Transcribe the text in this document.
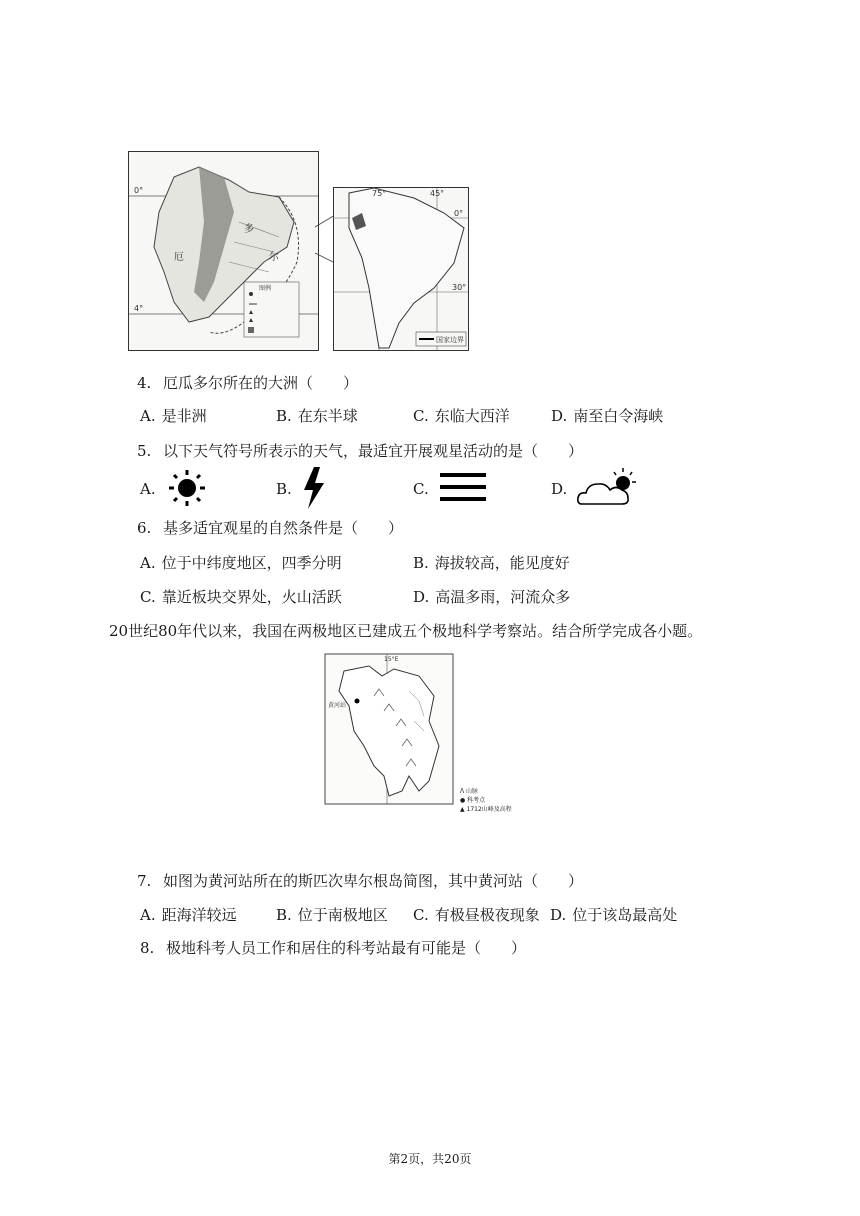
0°
4°
厄
多
尔
图例
75°	45°
0°
30°
国家边界
4. 厄瓜多尔所在的大洲（　　）
A. 是非洲	B. 在东半球	C. 东临大西洋	D. 南至白令海峡
5. 以下天气符号所表示的天气，最适宜开展观星活动的是（　　）
A.	B.	C.	D.
6. 基多适宜观星的自然条件是（　　）
A. 位于中纬度地区，四季分明	B. 海拔较高，能见度好
C. 靠近板块交界处，火山活跃	D. 高温多雨，河流众多
20世纪80年代以来，我国在两极地区已建成五个极地科学考察站。结合所学完成各小题。
15°E
黄河站
ᐱ 山脉
● 科考点
▲ 1712山峰及高程
7. 如图为黄河站所在的斯匹次卑尔根岛简图，其中黄河站（　　）
A. 距海洋较远	B. 位于南极地区 C. 有极昼极夜现象 D. 位于该岛最高处
8. 极地科考人员工作和居住的科考站最有可能是（　　）
第2页，共20页
